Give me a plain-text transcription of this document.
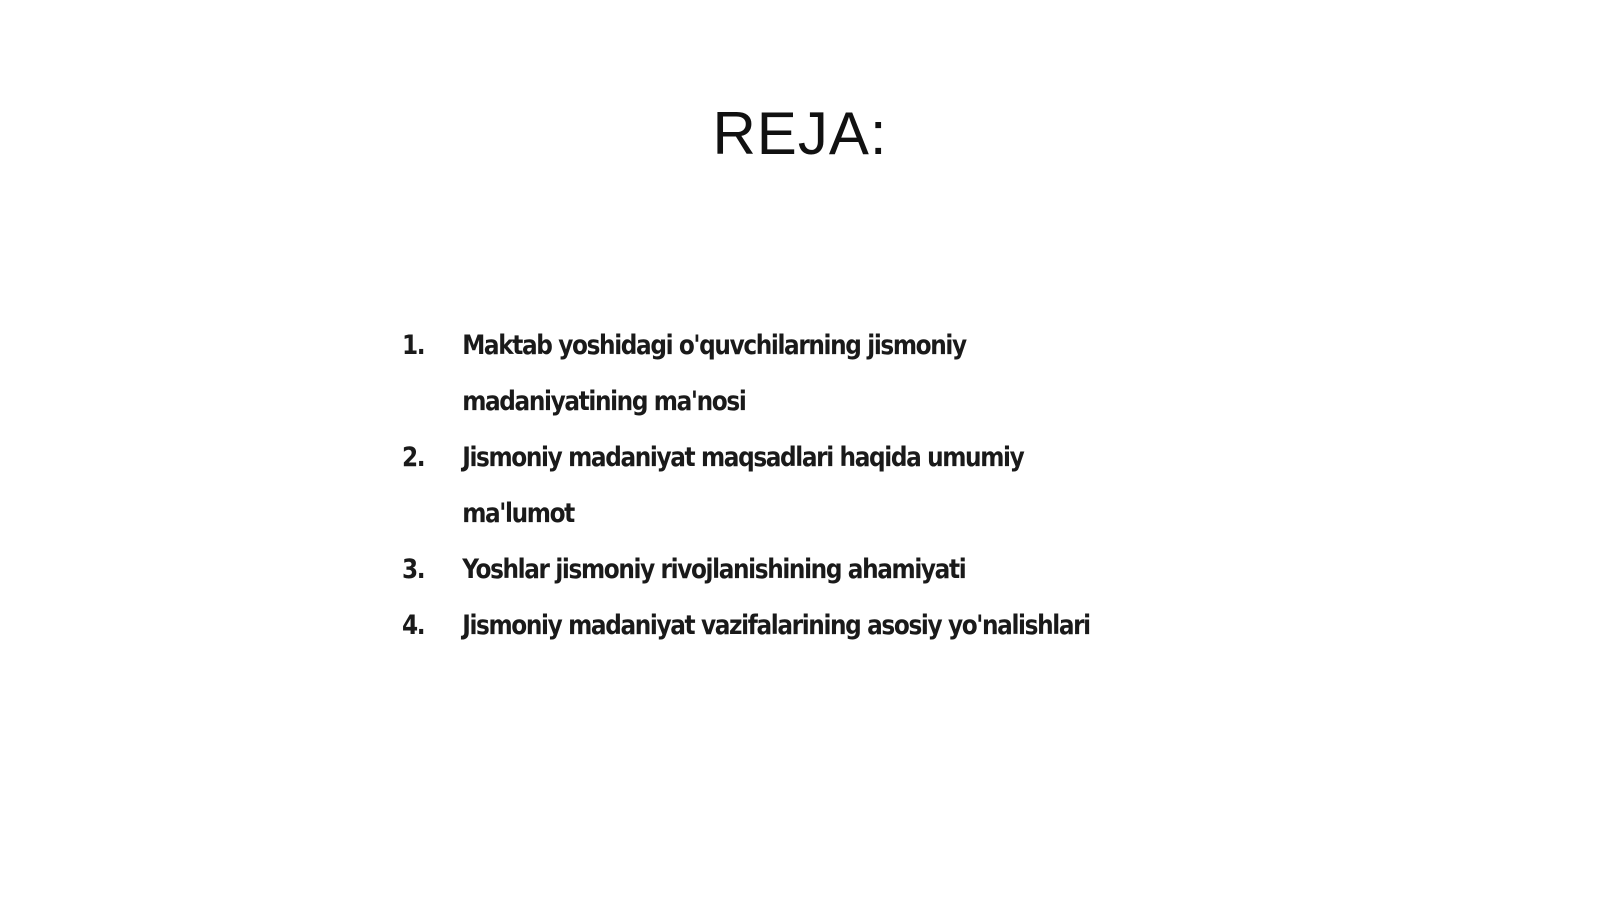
REJA:
1.	Maktab yoshidagi o'quvchilarning jismoniy madaniyatining ma'nosi
2.	Jismoniy madaniyat maqsadlari haqida umumiy ma'lumot
3.	Yoshlar jismoniy rivojlanishining ahamiyati
4.	Jismoniy madaniyat vazifalarining asosiy yo'nalishlari
